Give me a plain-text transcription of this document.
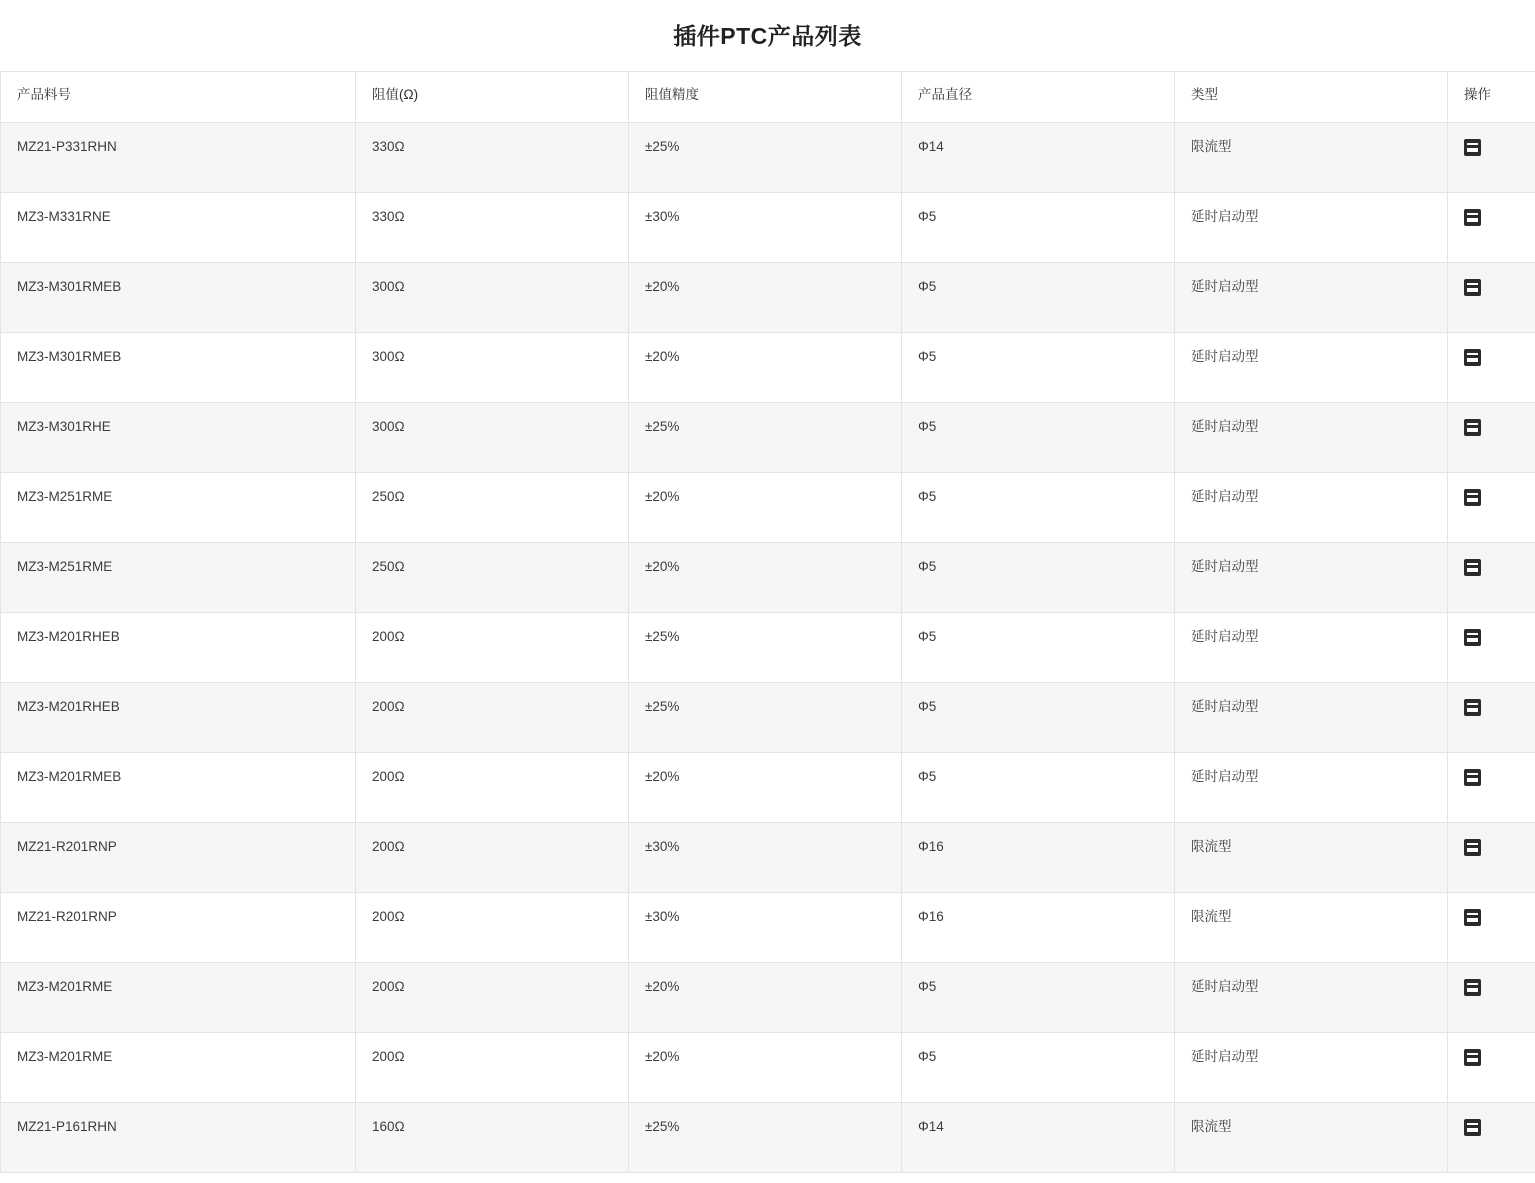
插件PTC产品列表
产品料号	阻值(Ω)	阻值精度	产品直径	类型	操作
MZ21-P331RHN	330Ω	±25%	Φ14	限流型	
MZ3-M331RNE	330Ω	±30%	Φ5	延时启动型	
MZ3-M301RMEB	300Ω	±20%	Φ5	延时启动型	
MZ3-M301RMEB	300Ω	±20%	Φ5	延时启动型	
MZ3-M301RHE	300Ω	±25%	Φ5	延时启动型	
MZ3-M251RME	250Ω	±20%	Φ5	延时启动型	
MZ3-M251RME	250Ω	±20%	Φ5	延时启动型	
MZ3-M201RHEB	200Ω	±25%	Φ5	延时启动型	
MZ3-M201RHEB	200Ω	±25%	Φ5	延时启动型	
MZ3-M201RMEB	200Ω	±20%	Φ5	延时启动型	
MZ21-R201RNP	200Ω	±30%	Φ16	限流型	
MZ21-R201RNP	200Ω	±30%	Φ16	限流型	
MZ3-M201RME	200Ω	±20%	Φ5	延时启动型	
MZ3-M201RME	200Ω	±20%	Φ5	延时启动型	
MZ21-P161RHN	160Ω	±25%	Φ14	限流型	
